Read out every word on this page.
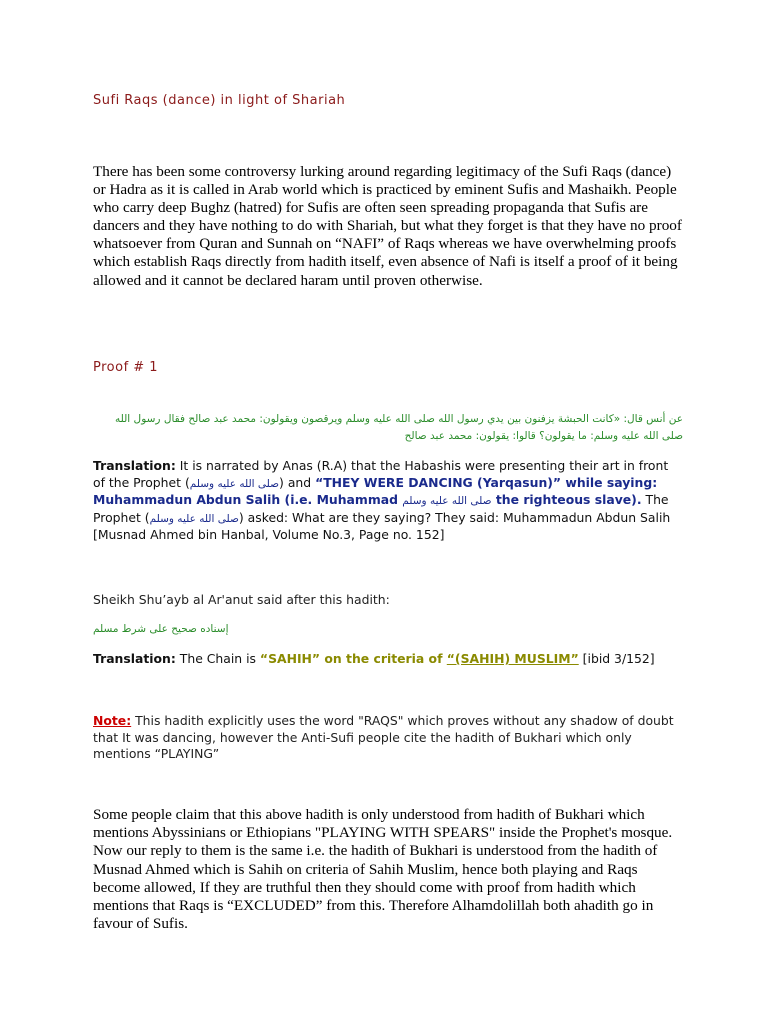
Sufi Raqs (dance) in light of Shariah
There has been some controversy lurking around regarding legitimacy of the Sufi Raqs (dance) or Hadra as it is called in Arab world which is practiced by eminent Sufis and Mashaikh. People who carry deep Bughz (hatred) for Sufis are often seen spreading propaganda that Sufis are dancers and they have nothing to do with Shariah, but what they forget is that they have no proof whatsoever from Quran and Sunnah on “NAFI” of Raqs whereas we have overwhelming proofs which establish Raqs directly from hadith itself, even absence of Nafi is itself a proof of it being allowed and it cannot be declared haram until proven otherwise.
Proof # 1
عن أنس قال: «كانت الحبشة يزفنون بين يدي رسول الله صلى الله عليه وسلم ويرقصون ويقولون: محمد عبد صالح فقال رسول الله صلى الله عليه وسلم: ما يقولون؟ قالوا: يقولون: محمد عبد صالح
Translation: It is narrated by Anas (R.A) that the Habashis were presenting their art in front of the Prophet (صلى الله عليه وسلم) and “THEY WERE DANCING (Yarqasun)” while saying: Muhammadun Abdun Salih (i.e. Muhammad صلى الله عليه وسلم the righteous slave). The Prophet (صلى الله عليه وسلم) asked: What are they saying? They said: Muhammadun Abdun Salih [Musnad Ahmed bin Hanbal, Volume No.3, Page no. 152]
Sheikh Shu’ayb al Ar'anut said after this hadith:
إسناده صحيح على شرط مسلم
Translation: The Chain is “SAHIH” on the criteria of “(SAHIH) MUSLIM” [ibid 3/152]
Note: This hadith explicitly uses the word "RAQS" which proves without any shadow of doubt that It was dancing, however the Anti-Sufi people cite the hadith of Bukhari which only mentions “PLAYING”
Some people claim that this above hadith is only understood from hadith of Bukhari which mentions Abyssinians or Ethiopians "PLAYING WITH SPEARS" inside the Prophet's mosque. Now our reply to them is the same i.e. the hadith of Bukhari is understood from the hadith of Musnad Ahmed which is Sahih on criteria of Sahih Muslim, hence both playing and Raqs become allowed, If they are truthful then they should come with proof from hadith which mentions that Raqs is “EXCLUDED” from this. Therefore Alhamdolillah both ahadith go in favour of Sufis.
